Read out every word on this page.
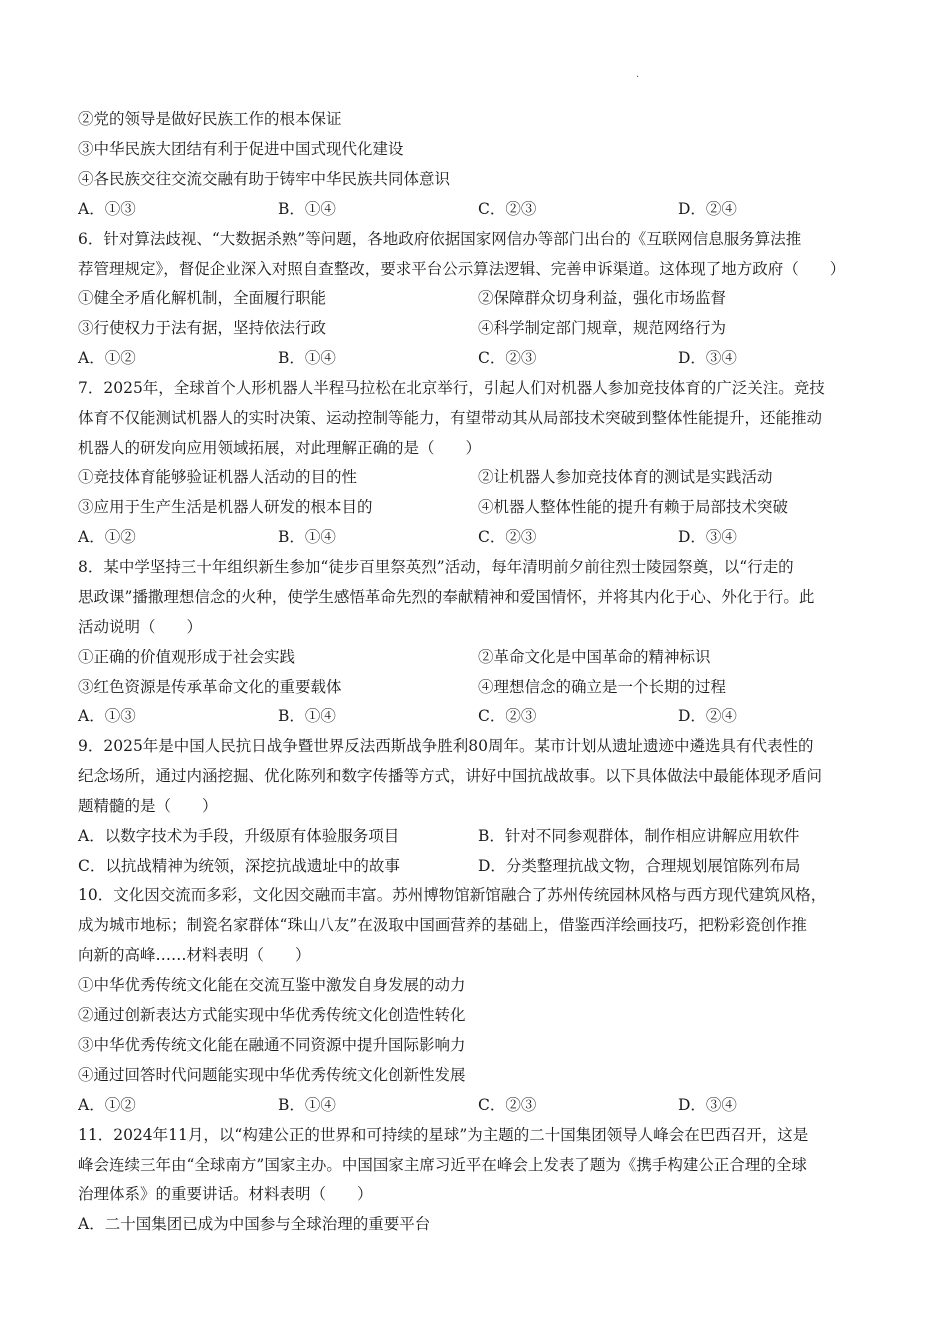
·
②党的领导是做好民族工作的根本保证
③中华民族大团结有利于促进中国式现代化建设
④各民族交往交流交融有助于铸牢中华民族共同体意识
A．①③	B．①④	C．②③	D．②④
6．针对算法歧视、“大数据杀熟”等问题，各地政府依据国家网信办等部门出台的《互联网信息服务算法推
荐管理规定》，督促企业深入对照自查整改，要求平台公示算法逻辑、完善申诉渠道。这体现了地方政府（　　）
①健全矛盾化解机制，全面履行职能	②保障群众切身利益，强化市场监督
③行使权力于法有据，坚持依法行政	④科学制定部门规章，规范网络行为
A．①②	B．①④	C．②③	D．③④
7．2025年，全球首个人形机器人半程马拉松在北京举行，引起人们对机器人参加竞技体育的广泛关注。竞技
体育不仅能测试机器人的实时决策、运动控制等能力，有望带动其从局部技术突破到整体性能提升，还能推动
机器人的研发向应用领域拓展，对此理解正确的是（　　）
①竞技体育能够验证机器人活动的目的性	②让机器人参加竞技体育的测试是实践活动
③应用于生产生活是机器人研发的根本目的	④机器人整体性能的提升有赖于局部技术突破
A．①②	B．①④	C．②③	D．③④
8．某中学坚持三十年组织新生参加“徒步百里祭英烈”活动，每年清明前夕前往烈士陵园祭奠，以“行走的
思政课”播撒理想信念的火种，使学生感悟革命先烈的奉献精神和爱国情怀，并将其内化于心、外化于行。此
活动说明（　　）
①正确的价值观形成于社会实践	②革命文化是中国革命的精神标识
③红色资源是传承革命文化的重要载体	④理想信念的确立是一个长期的过程
A．①③	B．①④	C．②③	D．②④
9．2025年是中国人民抗日战争暨世界反法西斯战争胜利80周年。某市计划从遗址遗迹中遴选具有代表性的
纪念场所，通过内涵挖掘、优化陈列和数字传播等方式，讲好中国抗战故事。以下具体做法中最能体现矛盾问
题精髓的是（　　）
A．以数字技术为手段，升级原有体验服务项目	B．针对不同参观群体，制作相应讲解应用软件
C．以抗战精神为统领，深挖抗战遗址中的故事	D．分类整理抗战文物，合理规划展馆陈列布局
10．文化因交流而多彩，文化因交融而丰富。苏州博物馆新馆融合了苏州传统园林风格与西方现代建筑风格，
成为城市地标；制瓷名家群体“珠山八友”在汲取中国画营养的基础上，借鉴西洋绘画技巧，把粉彩瓷创作推
向新的高峰……材料表明（　　）
①中华优秀传统文化能在交流互鉴中激发自身发展的动力
②通过创新表达方式能实现中华优秀传统文化创造性转化
③中华优秀传统文化能在融通不同资源中提升国际影响力
④通过回答时代问题能实现中华优秀传统文化创新性发展
A．①②	B．①④	C．②③	D．③④
11．2024年11月，以“构建公正的世界和可持续的星球”为主题的二十国集团领导人峰会在巴西召开，这是
峰会连续三年由“全球南方”国家主办。中国国家主席习近平在峰会上发表了题为《携手构建公正合理的全球
治理体系》的重要讲话。材料表明（　　）
A．二十国集团已成为中国参与全球治理的重要平台
